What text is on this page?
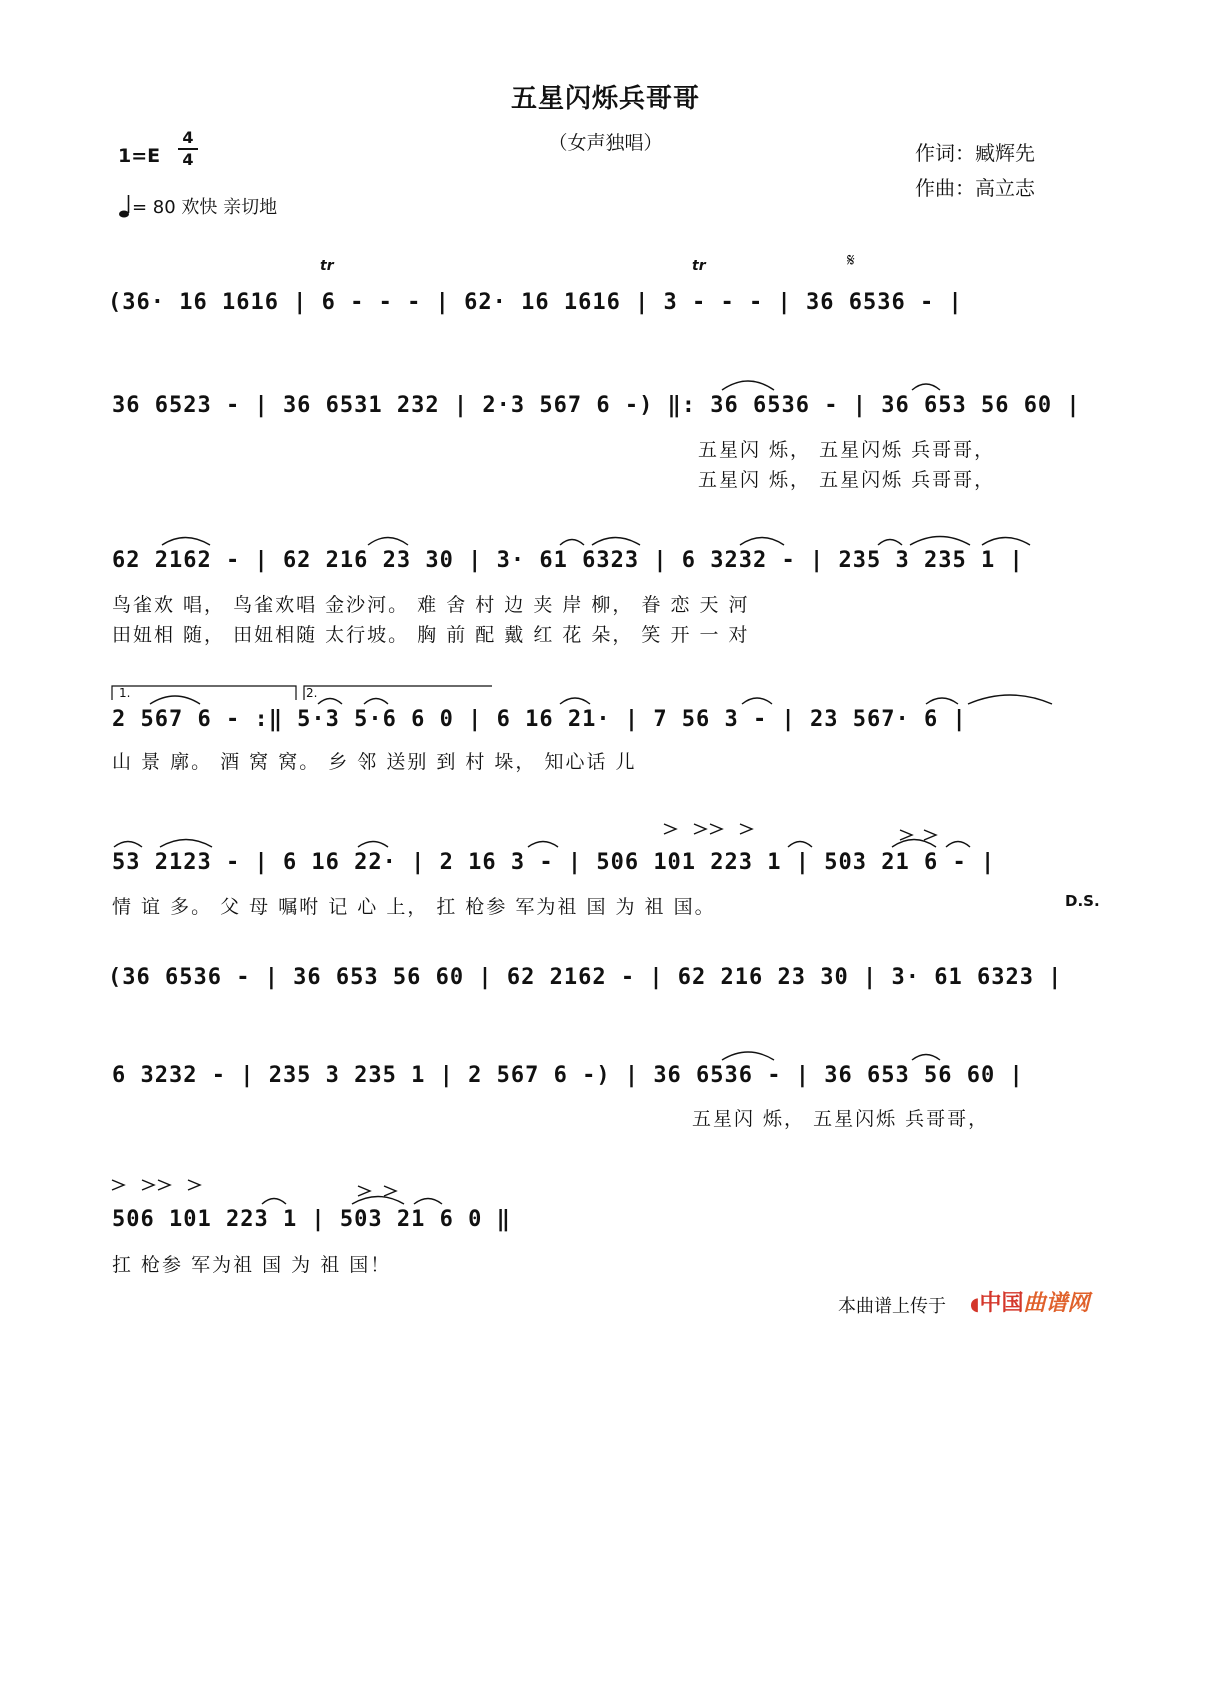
五星闪烁兵哥哥
（女声独唱）
1=E
4
4
= 80 欢快 亲切地
作词：臧辉先
作曲：高立志
tr	tr	𝄋
D.S.
1.	2.
(36· 16 1616 | 6 - - - | 62· 16 1616 | 3 - - - | 36 6536 - |
36 6523 - | 36 6531 232 | 2·3 567 6 -) ‖: 36 6536 - | 36 653 56 60 |
五星闪 烁， 五星闪烁 兵哥哥，
五星闪 烁， 五星闪烁 兵哥哥，
62 2162 - | 62 216 23 30 | 3· 61 6323 | 6 3232 - | 235 3 235 1 |
鸟雀欢 唱， 鸟雀欢唱 金沙河。 难 舍 村 边 夹 岸 柳， 眷 恋 天 河
田妞相 随， 田妞相随 太行坡。 胸 前 配 戴 红 花 朵， 笑 开 一 对
2 567 6 - :‖ 5·3 5·6 6 0 | 6 16 21· | 7 56 3 - | 23 567· 6 |
山 景 廓。 酒 窝 窝。 乡 邻 送别 到 村 垛， 知心话 儿
53 2123 - | 6 16 22· | 2 16 3 - | 506 101 223 1 | 503 21 6 - |
情 谊 多。 父 母 嘱咐 记 心 上， 扛 枪参 军为祖 国 为 祖 国。
(36 6536 - | 36 653 56 60 | 62 2162 - | 62 216 23 30 | 3· 61 6323 |
6 3232 - | 235 3 235 1 | 2 567 6 -) | 36 6536 - | 36 653 56 60 |
五星闪 烁， 五星闪烁 兵哥哥，
506 101 223 1 | 503 21 6 0 ‖
扛 枪参 军为祖 国 为 祖 国！
本曲谱上传于 ◖中国曲谱网
